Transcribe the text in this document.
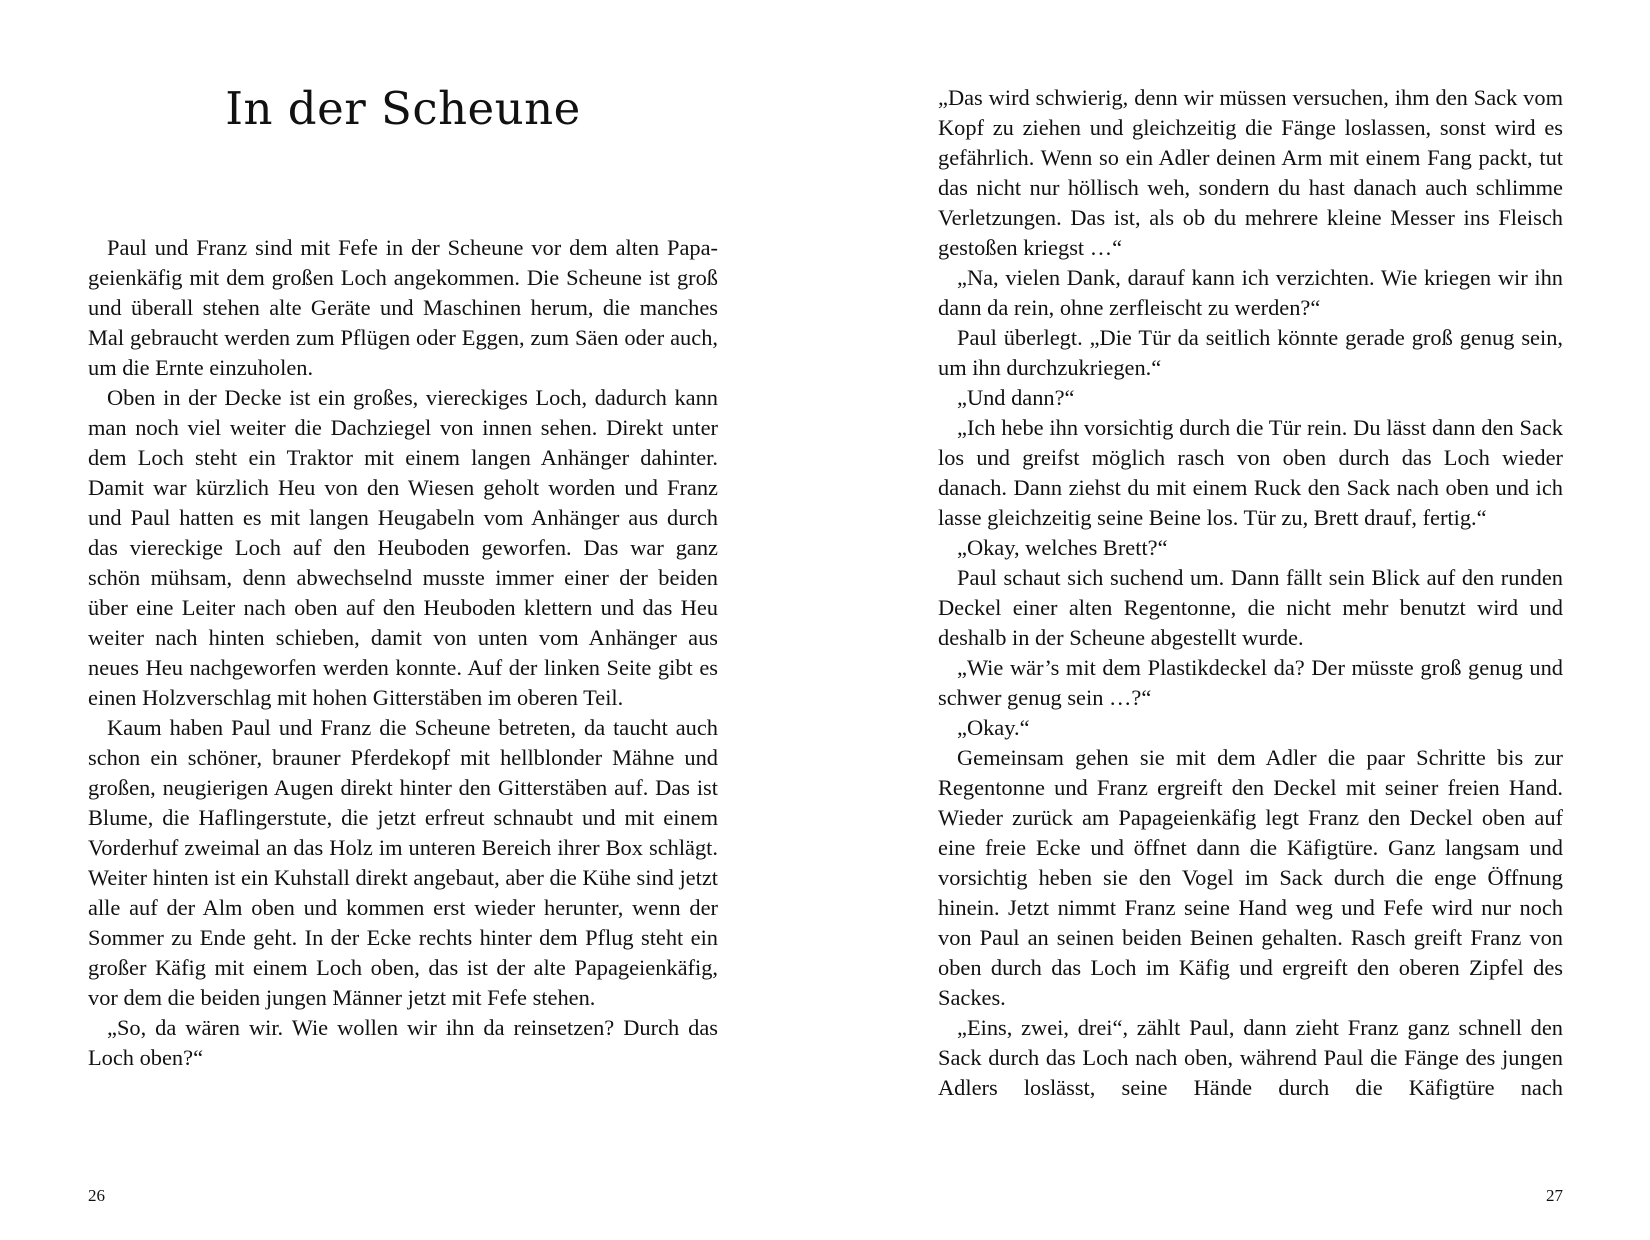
In der Scheune

Paul und Franz sind mit Fefe in der Scheune vor dem alten Papageienkäfig mit dem großen Loch angekommen. Die Scheune ist groß und überall stehen alte Geräte und Maschinen herum, die manches Mal gebraucht werden zum Pflügen oder Eggen, zum Säen oder auch, um die Ernte einzuholen.

Oben in der Decke ist ein großes, viereckiges Loch, dadurch kann man noch viel weiter die Dachziegel von innen sehen. Direkt unter dem Loch steht ein Traktor mit einem langen Anhänger dahinter. Damit war kürzlich Heu von den Wiesen geholt worden und Franz und Paul hatten es mit langen Heugabeln vom Anhänger aus durch das viereckige Loch auf den Heuboden geworfen. Das war ganz schön mühsam, denn abwechselnd musste immer einer der beiden über eine Leiter nach oben auf den Heuboden klettern und das Heu weiter nach hinten schieben, damit von unten vom Anhänger aus neues Heu nachgeworfen werden konnte. Auf der linken Seite gibt es einen Holzverschlag mit hohen Gitterstäben im oberen Teil.

Kaum haben Paul und Franz die Scheune betreten, da taucht auch schon ein schöner, brauner Pferdekopf mit hellblonder Mähne und großen, neugierigen Augen direkt hinter den Gitterstäben auf. Das ist Blume, die Haflingerstute, die jetzt erfreut schnaubt und mit einem Vorderhuf zweimal an das Holz im unteren Bereich ihrer Box schlägt. Weiter hinten ist ein Kuhstall direkt angebaut, aber die Kühe sind jetzt alle auf der Alm oben und kommen erst wieder herunter, wenn der Sommer zu Ende geht. In der Ecke rechts hinter dem Pflug steht ein großer Käfig mit einem Loch oben, das ist der alte Papageienkäfig, vor dem die beiden jungen Männer jetzt mit Fefe stehen.

„So, da wären wir. Wie wollen wir ihn da reinsetzen? Durch das Loch oben?“

26

„Das wird schwierig, denn wir müssen versuchen, ihm den Sack vom Kopf zu ziehen und gleichzeitig die Fänge loslassen, sonst wird es gefährlich. Wenn so ein Adler deinen Arm mit einem Fang packt, tut das nicht nur höllisch weh, sondern du hast danach auch schlimme Verletzungen. Das ist, als ob du mehrere kleine Messer ins Fleisch gestoßen kriegst …“

„Na, vielen Dank, darauf kann ich verzichten. Wie kriegen wir ihn dann da rein, ohne zerfleischt zu werden?“

Paul überlegt. „Die Tür da seitlich könnte gerade groß genug sein, um ihn durchzukriegen.“

„Und dann?“

„Ich hebe ihn vorsichtig durch die Tür rein. Du lässt dann den Sack los und greifst möglich rasch von oben durch das Loch wieder danach. Dann ziehst du mit einem Ruck den Sack nach oben und ich lasse gleichzeitig seine Beine los. Tür zu, Brett drauf, fertig.“

„Okay, welches Brett?“

Paul schaut sich suchend um. Dann fällt sein Blick auf den runden Deckel einer alten Regentonne, die nicht mehr benutzt wird und deshalb in der Scheune abgestellt wurde.

„Wie wär’s mit dem Plastikdeckel da? Der müsste groß genug und schwer genug sein …?“

„Okay.“

Gemeinsam gehen sie mit dem Adler die paar Schritte bis zur Regentonne und Franz ergreift den Deckel mit seiner freien Hand. Wieder zurück am Papageienkäfig legt Franz den Deckel oben auf eine freie Ecke und öffnet dann die Käfigtüre. Ganz langsam und vorsichtig heben sie den Vogel im Sack durch die enge Öffnung hinein. Jetzt nimmt Franz seine Hand weg und Fefe wird nur noch von Paul an seinen beiden Beinen gehalten. Rasch greift Franz von oben durch das Loch im Käfig und ergreift den oberen Zipfel des Sackes.

„Eins, zwei, drei“, zählt Paul, dann zieht Franz ganz schnell den Sack durch das Loch nach oben, während Paul die Fänge des jungen Adlers loslässt, seine Hände durch die Käfigtüre nach

27
